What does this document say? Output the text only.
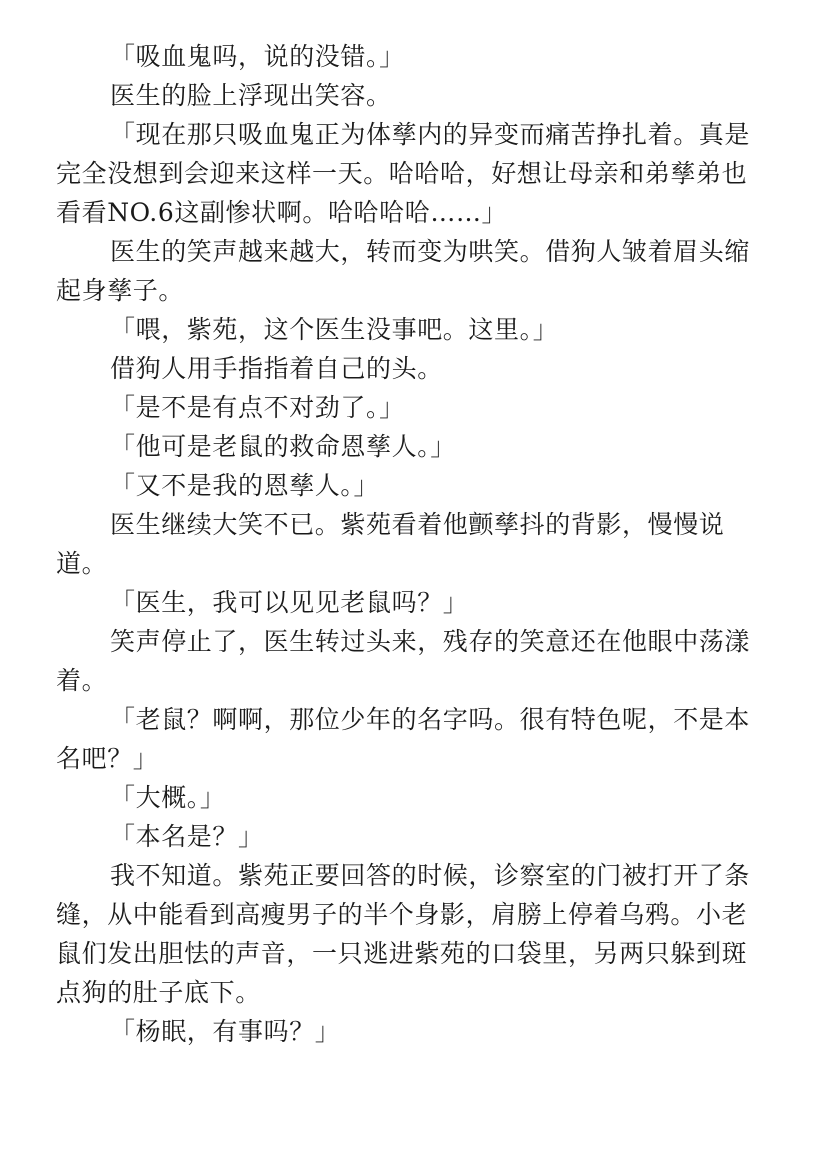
「吸血鬼吗，说的没错。」

医生的脸上浮现出笑容。

「现在那只吸血鬼正为体孳内的异变而痛苦挣扎着。真是完全没想到会迎来这样一天。哈哈哈，好想让母亲和弟孳弟也看看NO.6这副惨状啊。哈哈哈哈……」

医生的笑声越来越大，转而变为哄笑。借狗人皱着眉头缩起身孳子。

「喂，紫苑，这个医生没事吧。这里。」

借狗人用手指指着自己的头。

「是不是有点不对劲了。」

「他可是老鼠的救命恩孳人。」

「又不是我的恩孳人。」

医生继续大笑不已。紫苑看着他颤孳抖的背影，慢慢说道。

「医生，我可以见见老鼠吗？」

笑声停止了，医生转过头来，残存的笑意还在他眼中荡漾着。

「老鼠？啊啊，那位少年的名字吗。很有特色呢，不是本名吧？」

「大概。」

「本名是？」

我不知道。紫苑正要回答的时候，诊察室的门被打开了条缝，从中能看到高瘦男子的半个身影，肩膀上停着乌鸦。小老鼠们发出胆怯的声音，一只逃进紫苑的口袋里，另两只躲到斑点狗的肚子底下。

「杨眠，有事吗？」
